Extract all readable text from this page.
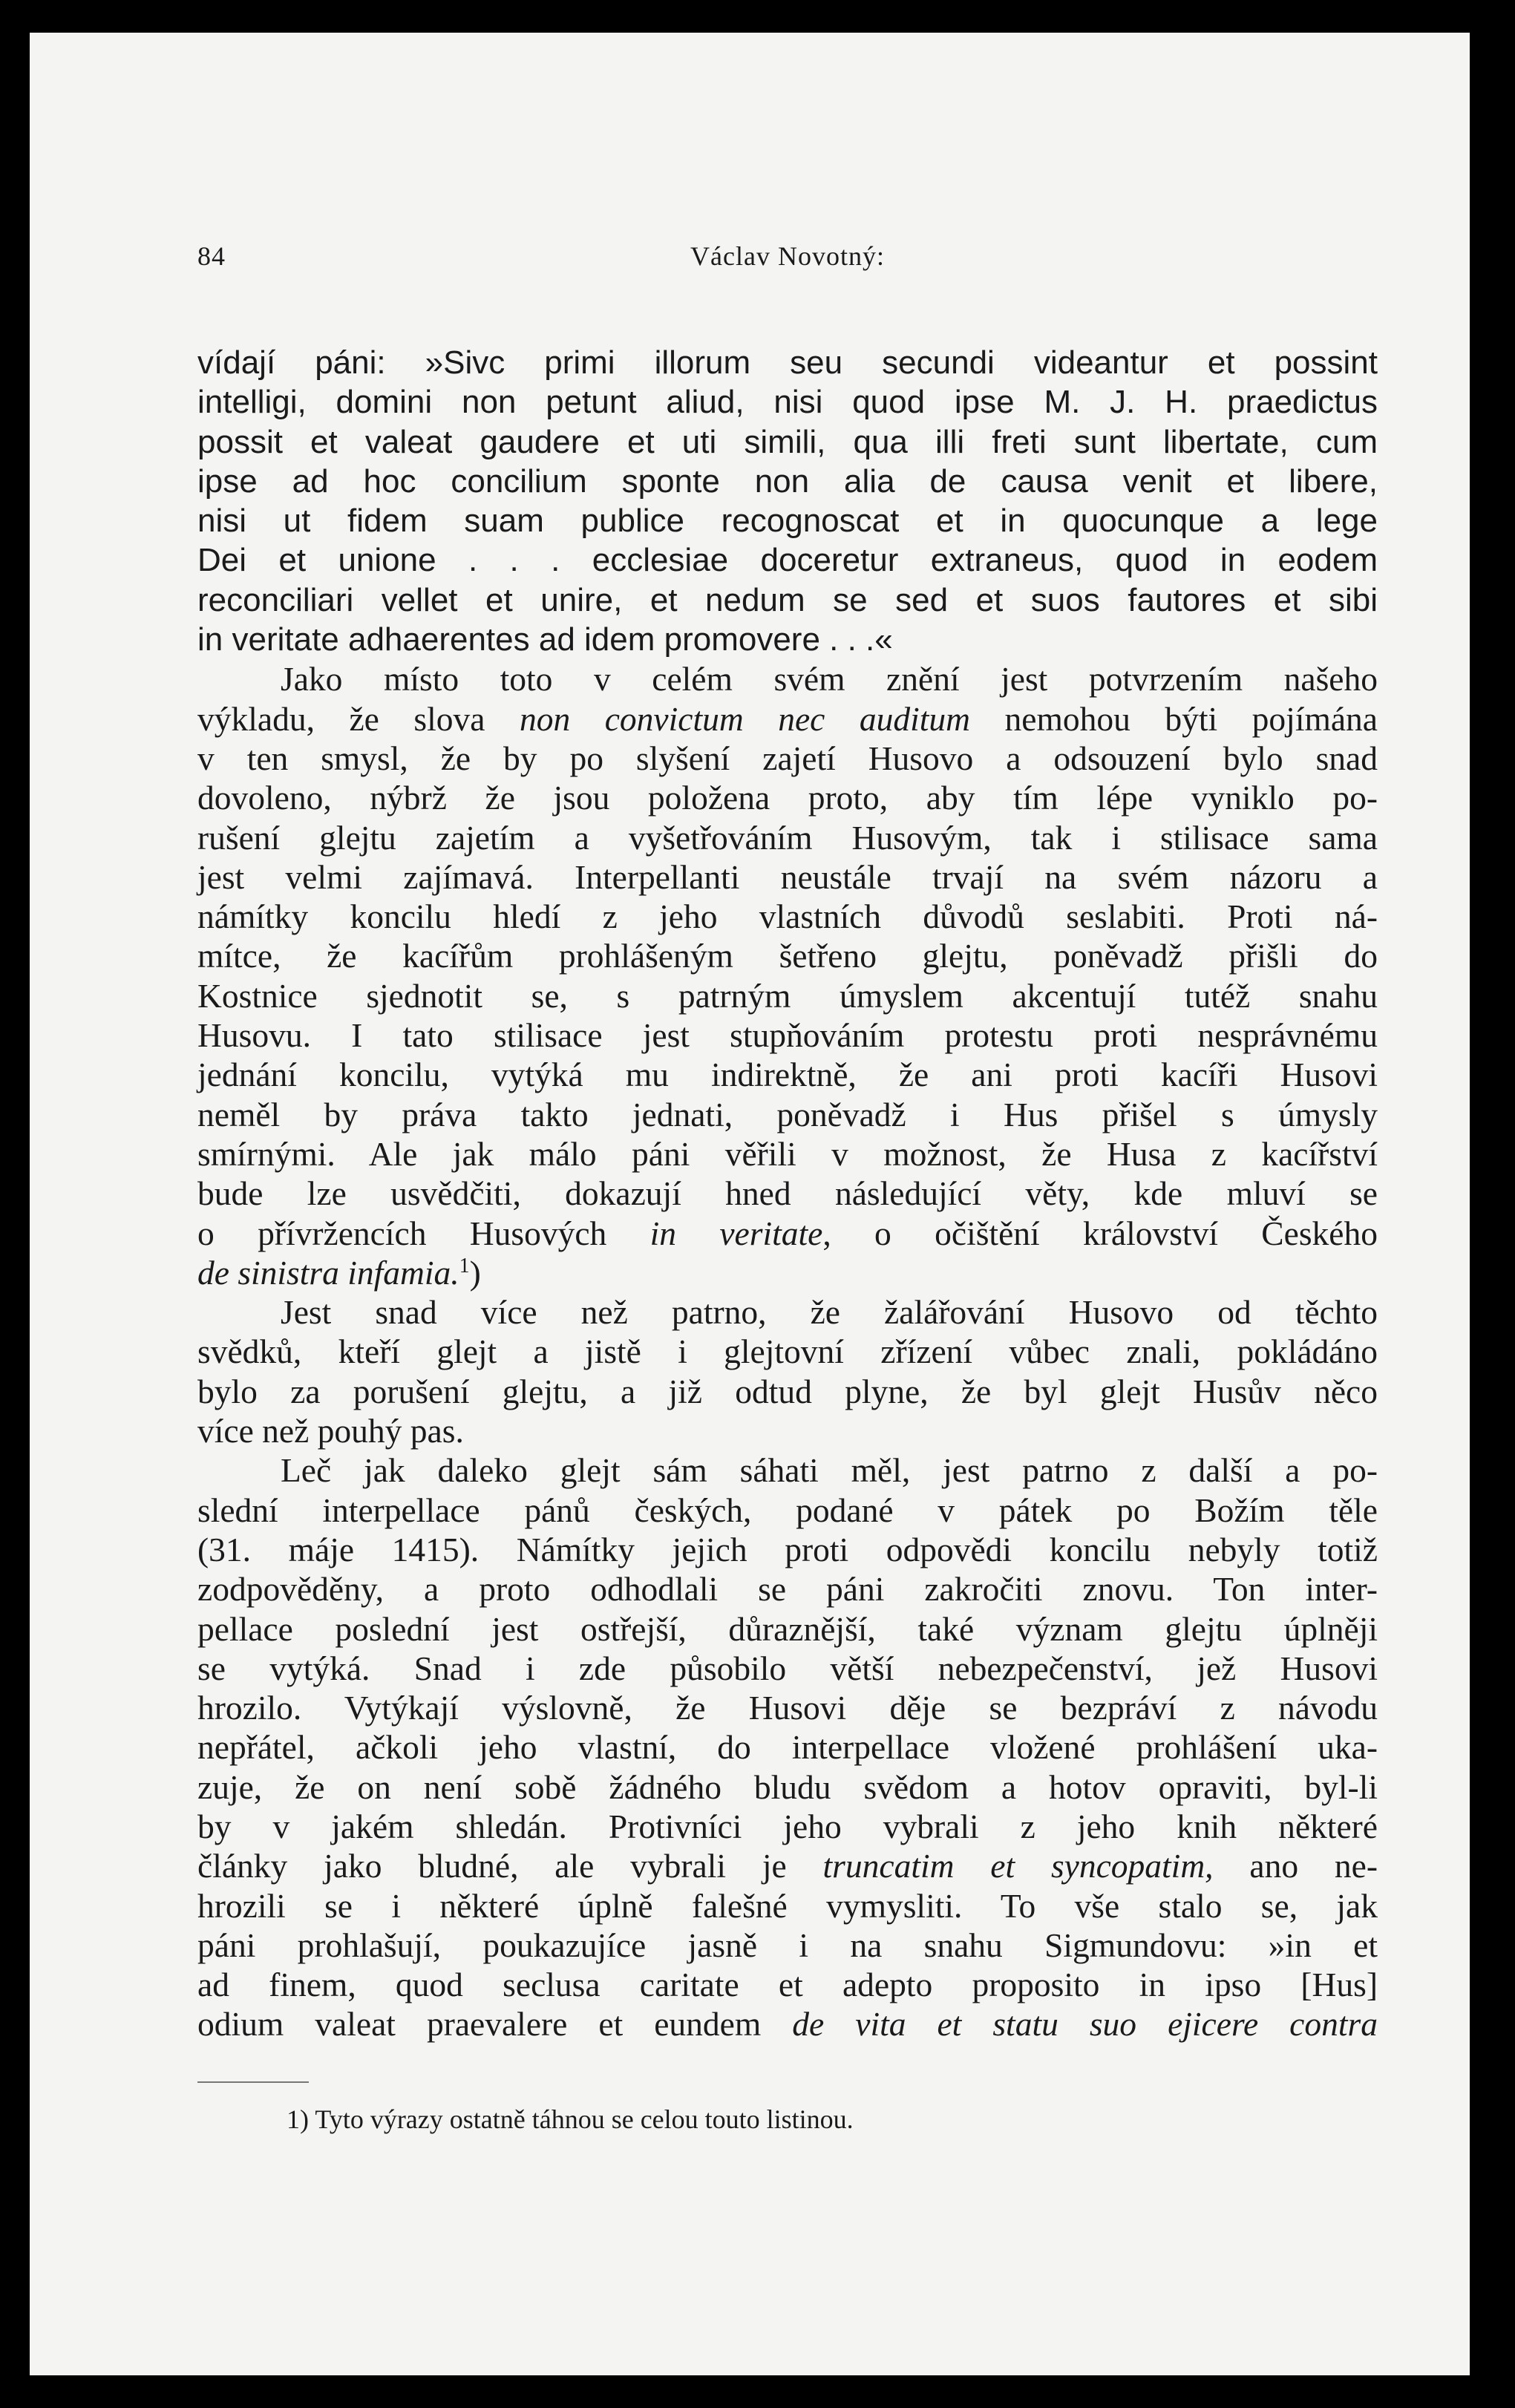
84	Václav Novotný:
vídají páni: »Sivc primi illorum seu secundi videantur et possint
intelligi, domini non petunt aliud, nisi quod ipse M. J. H. praedictus
possit et valeat gaudere et uti simili, qua illi freti sunt libertate, cum
ipse ad hoc concilium sponte non alia de causa venit et libere,
nisi ut fidem suam publice recognoscat et in quocunque a lege
Dei et unione . . . ecclesiae doceretur extraneus, quod in eodem
reconciliari vellet et unire, et nedum se sed et suos fautores et sibi
in veritate adhaerentes ad idem promovere . . .«
Jako místo toto v celém svém znění jest potvrzením našeho
výkladu, že slova non convictum nec auditum nemohou býti pojímána
v ten smysl, že by po slyšení zajetí Husovo a odsouzení bylo snad
dovoleno, nýbrž že jsou položena proto, aby tím lépe vyniklo po-
rušení glejtu zajetím a vyšetřováním Husovým, tak i stilisace sama
jest velmi zajímavá. Interpellanti neustále trvají na svém názoru a
námítky koncilu hledí z jeho vlastních důvodů seslabiti. Proti ná-
mítce, že kacířům prohlášeným šetřeno glejtu, poněvadž přišli do
Kostnice sjednotit se, s patrným úmyslem akcentují tutéž snahu
Husovu. I tato stilisace jest stupňováním protestu proti nesprávnému
jednání koncilu, vytýká mu indirektně, že ani proti kacíři Husovi
neměl by práva takto jednati, poněvadž i Hus přišel s úmysly
smírnými. Ale jak málo páni věřili v možnost, že Husa z kacířství
bude lze usvědčiti, dokazují hned následující věty, kde mluví se
o přívržencích Husových in veritate, o očištění království Českého
de sinistra infamia.$^1$)
Jest snad více než patrno, že žalářování Husovo od těchto
svědků, kteří glejt a jistě i glejtovní zřízení vůbec znali, pokládáno
bylo za porušení glejtu, a již odtud plyne, že byl glejt Husův něco
více než pouhý pas.
Leč jak daleko glejt sám sáhati měl, jest patrno z další a po-
slední interpellace pánů českých, podané v pátek po Božím těle
(31. máje 1415). Námítky jejich proti odpovědi koncilu nebyly totiž
zodpověděny, a proto odhodlali se páni zakročiti znovu. Ton inter-
pellace poslední jest ostřejší, důraznější, také význam glejtu úplněji
se vytýká. Snad i zde působilo větší nebezpečenství, jež Husovi
hrozilo. Vytýkají výslovně, že Husovi děje se bezpráví z návodu
nepřátel, ačkoli jeho vlastní, do interpellace vložené prohlášení uka-
zuje, že on není sobě žádného bludu svědom a hotov opraviti, byl-li
by v jakém shledán. Protivníci jeho vybrali z jeho knih některé
články jako bludné, ale vybrali je truncatim et syncopatim, ano ne-
hrozili se i některé úplně falešné vymysliti. To vše stalo se, jak
páni prohlašují, poukazujíce jasně i na snahu Sigmundovu: »in et
ad finem, quod seclusa caritate et adepto proposito in ipso [Hus]
odium valeat praevalere et eundem de vita et statu suo ejicere contra
1) Tyto výrazy ostatně táhnou se celou touto listinou.
